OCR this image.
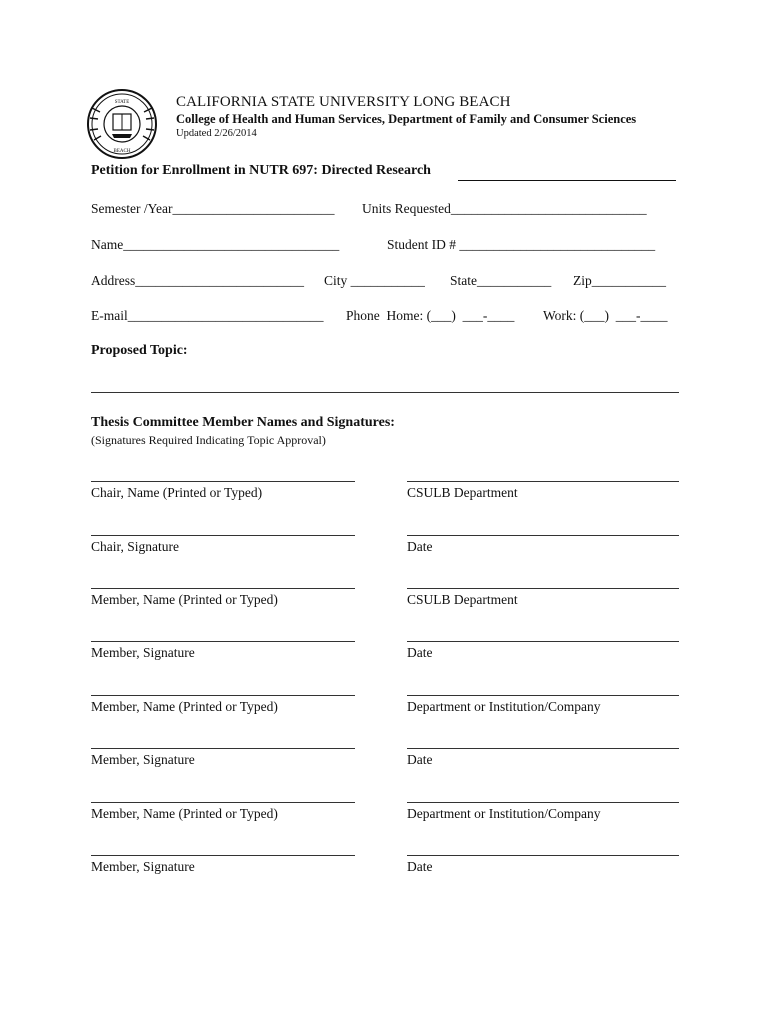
STATE
BEACH
CALIFORNIA STATE UNIVERSITY LONG BEACH
College of Health and Human Services, Department of Family and Consumer Sciences
Updated 2/26/2014
Petition for Enrollment in NUTR 697: Directed Research
Semester /Year________________________ Units Requested_____________________________
Name________________________________	Student ID # _____________________________
Address_________________________ City ___________ State___________ Zip___________
E-mail_____________________________ Phone  Home: (___)  ___-____ Work: (___)  ___-____
Proposed Topic:
Thesis Committee Member Names and Signatures:
(Signatures Required Indicating Topic Approval)
Chair, Name (Printed or Typed)	CSULB Department
Chair, Signature	Date
Member, Name (Printed or Typed)	CSULB Department
Member, Signature	Date
Member, Name (Printed or Typed)	Department or Institution/Company
Member, Signature	Date
Member, Name (Printed or Typed)	Department or Institution/Company
Member, Signature	Date
